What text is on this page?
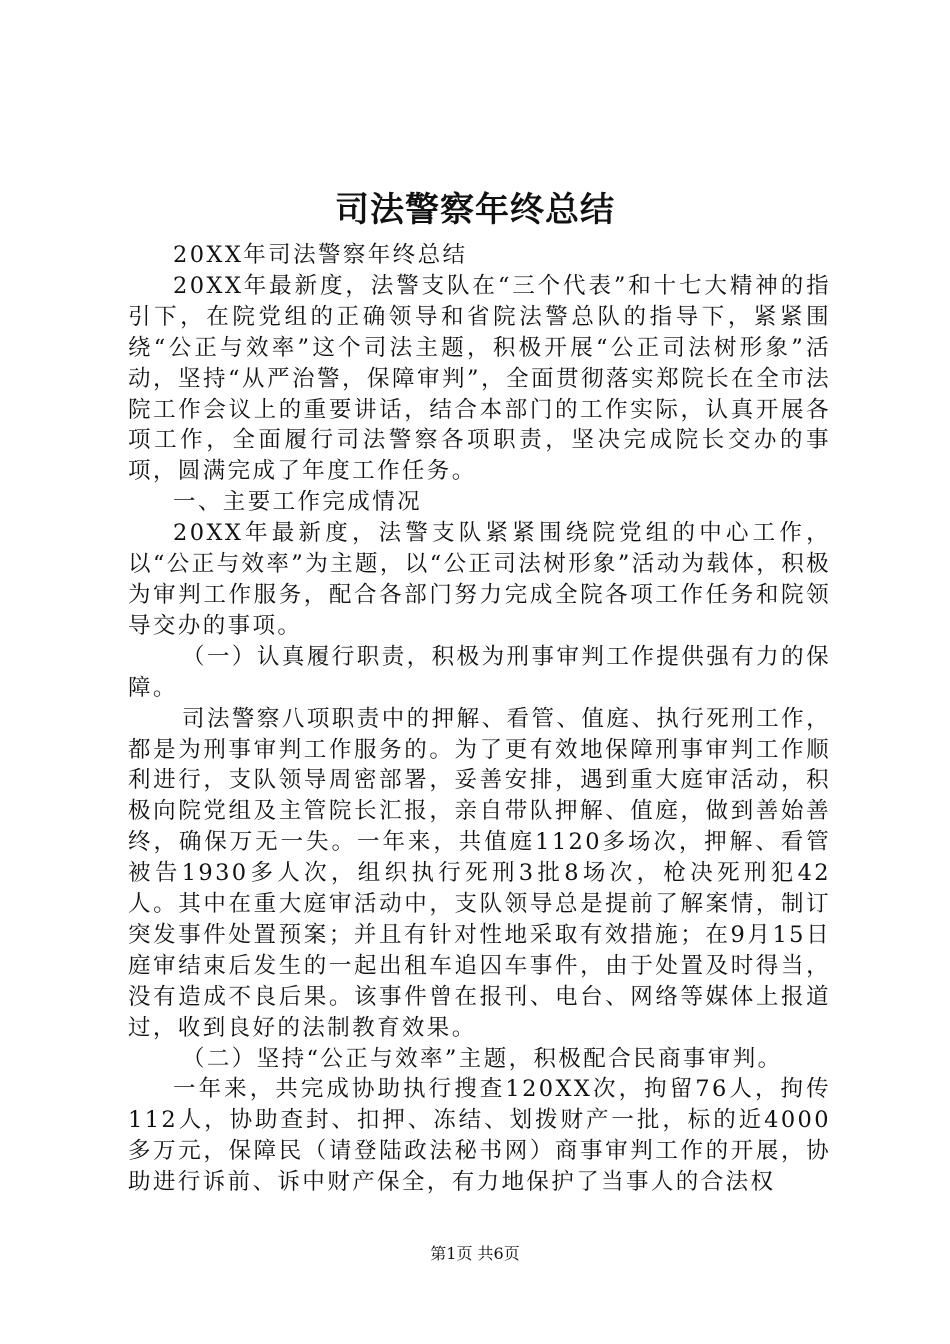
司法警察年终总结

20XX年司法警察年终总结

20XX年最新度，法警支队在“三个代表”和十七大精神的指引下，在院党组的正确领导和省院法警总队的指导下，紧紧围绕“公正与效率”这个司法主题，积极开展“公正司法树形象”活动，坚持“从严治警，保障审判”，全面贯彻落实郑院长在全市法院工作会议上的重要讲话，结合本部门的工作实际，认真开展各项工作，全面履行司法警察各项职责，坚决完成院长交办的事项，圆满完成了年度工作任务。

一、主要工作完成情况

20XX年最新度，法警支队紧紧围绕院党组的中心工作，以“公正与效率”为主题，以“公正司法树形象”活动为载体，积极为审判工作服务，配合各部门努力完成全院各项工作任务和院领导交办的事项。

（一）认真履行职责，积极为刑事审判工作提供强有力的保障。

司法警察八项职责中的押解、看管、值庭、执行死刑工作，都是为刑事审判工作服务的。为了更有效地保障刑事审判工作顺利进行，支队领导周密部署，妥善安排，遇到重大庭审活动，积极向院党组及主管院长汇报，亲自带队押解、值庭，做到善始善终，确保万无一失。一年来，共值庭1120多场次，押解、看管被告1930多人次，组织执行死刑3批8场次，枪决死刑犯42人。其中在重大庭审活动中，支队领导总是提前了解案情，制订突发事件处置预案；并且有针对性地采取有效措施；在9月15日庭审结束后发生的一起出租车追囚车事件，由于处置及时得当，没有造成不良后果。该事件曾在报刊、电台、网络等媒体上报道过，收到良好的法制教育效果。

（二）坚持“公正与效率”主题，积极配合民商事审判。

一年来，共完成协助执行搜查120XX次，拘留76人，拘传112人，协助查封、扣押、冻结、划拨财产一批，标的近4000多万元，保障民（请登陆政法秘书网）商事审判工作的开展，协助进行诉前、诉中财产保全，有力地保护了当事人的合法权

第1页 共6页
